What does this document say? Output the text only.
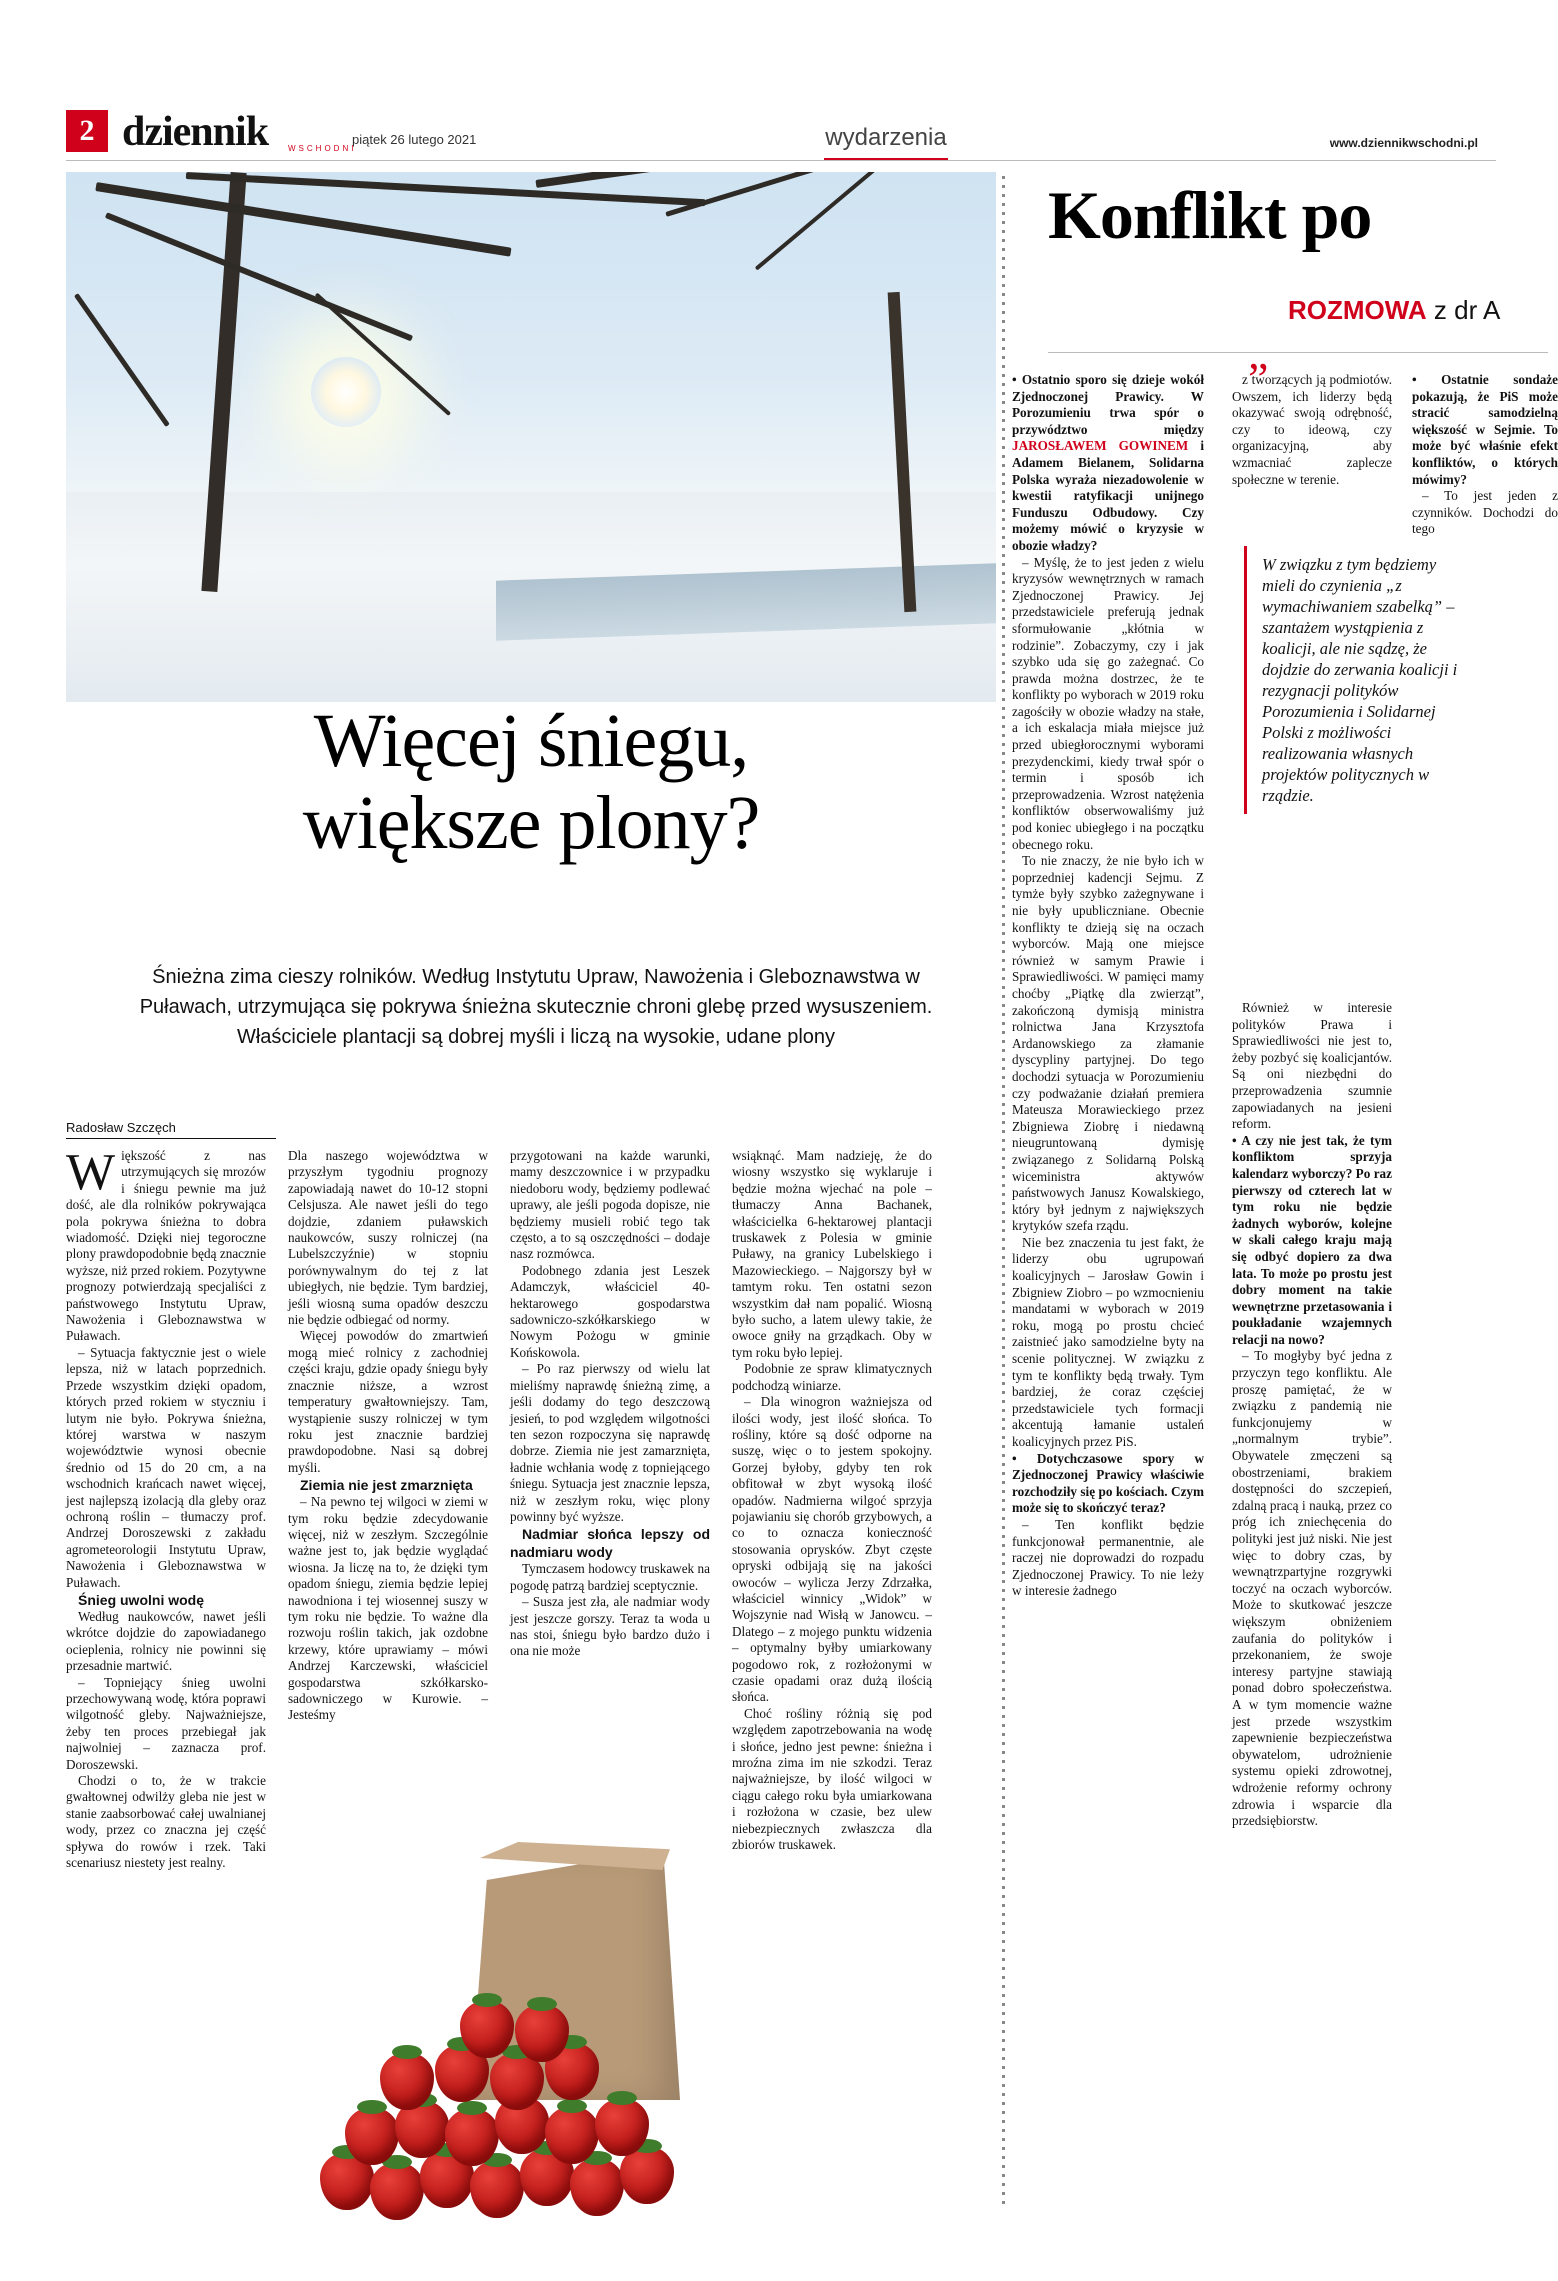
2 dziennik WSCHODNI
piątek 26 lutego 2021	wydarzenia	www.dziennikwschodni.pl
Więcej śniegu,
większe plony?
Śnieżna zima cieszy rolników. Według Instytutu Upraw, Nawożenia i Gleboznawstwa w Puławach, utrzymująca się pokrywa śnieżna skutecznie chroni glebę przed wysuszeniem. Właściciele plantacji są dobrej myśli i liczą na wysokie, udane plony
Radosław Szczęch

Większość z nas utrzymujących się mrozów i śniegu pewnie ma już dość, ale dla rolników pokrywająca pola pokrywa śnieżna to dobra wiadomość. Dzięki niej tegoroczne plony prawdopodobnie będą znacznie wyższe, niż przed rokiem. Pozytywne prognozy potwierdzają specjaliści z państwowego Instytutu Upraw, Nawożenia i Gleboznawstwa w Puławach.

– Sytuacja faktycznie jest o wiele lepsza, niż w latach poprzednich. Przede wszystkim dzięki opadom, których przed rokiem w styczniu i lutym nie było. Pokrywa śnieżna, której warstwa w naszym województwie wynosi obecnie średnio od 15 do 20 cm, a na wschodnich krańcach nawet więcej, jest najlepszą izolacją dla gleby oraz ochroną roślin – tłumaczy prof. Andrzej Doroszewski z zakładu agrometeorologii Instytutu Upraw, Nawożenia i Gleboznawstwa w Puławach.

Śnieg uwolni wodę

Według naukowców, nawet jeśli wkrótce dojdzie do zapowiadanego ocieplenia, rolnicy nie powinni się przesadnie martwić.

– Topniejący śnieg uwolni przechowywaną wodę, która poprawi wilgotność gleby. Najważniejsze, żeby ten proces przebiegał jak najwolniej – zaznacza prof. Doroszewski.

Chodzi o to, że w trakcie gwałtownej odwilży gleba nie jest w stanie zaabsorbować całej uwalnianej wody, przez co znaczna jej część spływa do rowów i rzek. Taki scenariusz niestety jest realny.

Dla naszego województwa w przyszłym tygodniu prognozy zapowiadają nawet do 10-12 stopni Celsjusza. Ale nawet jeśli do tego dojdzie, zdaniem puławskich naukowców, suszy rolniczej (na Lubelszczyźnie) w stopniu porównywalnym do tej z lat ubiegłych, nie będzie. Tym bardziej, jeśli wiosną suma opadów deszczu nie będzie odbiegać od normy.

Więcej powodów do zmartwień mogą mieć rolnicy z zachodniej części kraju, gdzie opady śniegu były znacznie niższe, a wzrost temperatury gwałtowniejszy. Tam, wystąpienie suszy rolniczej w tym roku jest znacznie bardziej prawdopodobne. Nasi są dobrej myśli.

Ziemia nie jest zmarznięta

– Na pewno tej wilgoci w ziemi w tym roku będzie zdecydowanie więcej, niż w zeszłym. Szczególnie ważne jest to, jak będzie wyglądać wiosna. Ja liczę na to, że dzięki tym opadom śniegu, ziemia będzie lepiej nawodniona i tej wiosennej suszy w tym roku nie będzie. To ważne dla rozwoju roślin takich, jak ozdobne krzewy, które uprawiamy – mówi Andrzej Karczewski, właściciel gospodarstwa szkółkarsko-sadowniczego w Kurowie. – Jesteśmy

przygotowani na każde warunki, mamy deszczownice i w przypadku niedoboru wody, będziemy podlewać uprawy, ale jeśli pogoda dopisze, nie będziemy musieli robić tego tak często, a to są oszczędności – dodaje nasz rozmówca.

Podobnego zdania jest Leszek Adamczyk, właściciel 40-hektarowego gospodarstwa sadowniczo-szkółkarskiego w Nowym Pożogu w gminie Końskowola.

– Po raz pierwszy od wielu lat mieliśmy naprawdę śnieżną zimę, a jeśli dodamy do tego deszczową jesień, to pod względem wilgotności ten sezon rozpoczyna się naprawdę dobrze. Ziemia nie jest zamarznięta, ładnie wchłania wodę z topniejącego śniegu. Sytuacja jest znacznie lepsza, niż w zeszłym roku, więc plony powinny być wyższe.

Nadmiar słońca lepszy od nadmiaru wody

Tymczasem hodowcy truskawek na pogodę patrzą bardziej sceptycznie.

– Susza jest zła, ale nadmiar wody jest jeszcze gorszy. Teraz ta woda u nas stoi, śniegu było bardzo dużo i ona nie może

wsiąknąć. Mam nadzieję, że do wiosny wszystko się wyklaruje i będzie można wjechać na pole – tłumaczy Anna Bachanek, właścicielka 6-hektarowej plantacji truskawek z Polesia w gminie Puławy, na granicy Lubelskiego i Mazowieckiego. – Najgorszy był w tamtym roku. Ten ostatni sezon wszystkim dał nam popalić. Wiosną było sucho, a latem ulewy takie, że owoce gniły na grządkach. Oby w tym roku było lepiej.

Podobnie ze spraw klimatycznych podchodzą winiarze.

– Dla winogron ważniejsza od ilości wody, jest ilość słońca. To rośliny, które są dość odporne na suszę, więc o to jestem spokojny. Gorzej byłoby, gdyby ten rok obfitował w zbyt wysoką ilość opadów. Nadmierna wilgoć sprzyja pojawianiu się chorób grzybowych, a co to oznacza konieczność stosowania oprysków. Zbyt częste opryski odbijają się na jakości owoców – wylicza Jerzy Zdrzałka, właściciel winnicy „Widok” w Wojszynie nad Wisłą w Janowcu. – Dlatego – z mojego punktu widzenia – optymalny byłby umiarkowany pogodowo rok, z rozłożonymi w czasie opadami oraz dużą ilością słońca.

Choć rośliny różnią się pod względem zapotrzebowania na wodę i słońce, jedno jest pewne: śnieżna i mroźna zima im nie szkodzi. Teraz najważniejsze, by ilość wilgoci w ciągu całego roku była umiarkowana i rozłożona w czasie, bez ulew niebezpiecznych zwłaszcza dla zbiorów truskawek.

Konflikt po
ROZMOWA z dr A

• Ostatnio sporo się dzieje wokół Zjednoczonej Prawicy. W Porozumieniu trwa spór o przywództwo między JAROSŁAWEM GOWINEM i Adamem Bielanem, Solidarna Polska wyraża niezadowolenie w kwestii ratyfikacji unijnego Funduszu Odbudowy. Czy możemy mówić o kryzysie w obozie władzy?

– Myślę, że to jest jeden z wielu kryzysów wewnętrznych w ramach Zjednoczonej Prawicy. Jej przedstawiciele preferują jednak sformułowanie „kłótnia w rodzinie”. Zobaczymy, czy i jak szybko uda się go zażegnać. Co prawda można dostrzec, że te konflikty po wyborach w 2019 roku zagościły w obozie władzy na stałe, a ich eskalacja miała miejsce już przed ubiegłorocznymi wyborami prezydenckimi, kiedy trwał spór o termin i sposób ich przeprowadzenia. Wzrost natężenia konfliktów obserwowaliśmy już pod koniec ubiegłego i na początku obecnego roku.

To nie znaczy, że nie było ich w poprzedniej kadencji Sejmu. Z tymże były szybko zażegnywane i nie były upubliczniane. Obecnie konflikty te dzieją się na oczach wyborców. Mają one miejsce również w samym Prawie i Sprawiedliwości. W pamięci mamy choćby „Piątkę dla zwierząt”, zakończoną dymisją ministra rolnictwa Jana Krzysztofa Ardanowskiego za złamanie dyscypliny partyjnej. Do tego dochodzi sytuacja w Porozumieniu czy podważanie działań premiera Mateusza Morawieckiego przez Zbigniewa Ziobrę i niedawną nieugruntowaną dymisję związanego z Solidarną Polską wiceministra aktywów państwowych Janusz Kowalskiego, który był jednym z największych krytyków szefa rządu.

Nie bez znaczenia tu jest fakt, że liderzy obu ugrupowań koalicyjnych – Jarosław Gowin i Zbigniew Ziobro – po wzmocnieniu mandatami w wyborach w 2019 roku, mogą po prostu chcieć zaistnieć jako samodzielne byty na scenie politycznej. W związku z tym te konflikty będą trwały. Tym bardziej, że coraz częściej przedstawiciele tych formacji akcentują łamanie ustaleń koalicyjnych przez PiS.

• Dotychczasowe spory w Zjednoczonej Prawicy właściwie rozchodziły się po kościach. Czym może się to skończyć teraz?

– Ten konflikt będzie funkcjonował permanentnie, ale raczej nie doprowadzi do rozpadu Zjednoczonej Prawicy. To nie leży w interesie żadnego

z tworzących ją podmiotów. Owszem, ich liderzy będą okazywać swoją odrębność, czy to ideową, czy organizacyjną, aby wzmacniać zaplecze społeczne w terenie.

”
W związku z tym będziemy mieli do czynienia „z wymachiwaniem szabelką” – szantażem wystąpienia z koalicji, ale nie sądzę, że dojdzie do zerwania koalicji i rezygnacji polityków Porozumienia i Solidarnej Polski z możliwości realizowania własnych projektów politycznych w rządzie.

Również w interesie polityków Prawa i Sprawiedliwości nie jest to, żeby pozbyć się koalicjantów. Są oni niezbędni do przeprowadzenia szumnie zapowiadanych na jesieni reform.

• A czy nie jest tak, że tym konfliktom sprzyja kalendarz wyborczy? Po raz pierwszy od czterech lat w tym roku nie będzie żadnych wyborów, kolejne w skali całego kraju mają się odbyć dopiero za dwa lata. To może po prostu jest dobry moment na takie wewnętrzne przetasowania i poukładanie wzajemnych relacji na nowo?

– To mogłyby być jedna z przyczyn tego konfliktu. Ale proszę pamiętać, że w związku z pandemią nie funkcjonujemy w „normalnym trybie”. Obywatele zmęczeni są obostrzeniami, brakiem dostępności do szczepień, zdalną pracą i nauką, przez co próg ich zniechęcenia do polityki jest już niski. Nie jest więc to dobry czas, by wewnątrzpartyjne rozgrywki toczyć na oczach wyborców. Może to skutkować jeszcze większym obniżeniem zaufania do polityków i przekonaniem, że swoje interesy partyjne stawiają ponad dobro społeczeństwa. A w tym momencie ważne jest przede wszystkim zapewnienie bezpieczeństwa obywatelom, udrożnienie systemu opieki zdrowotnej, wdrożenie reformy ochrony zdrowia i wsparcie dla przedsiębiorstw.

• Ostatnie sondaże pokazują, że PiS może stracić samodzielną większość w Sejmie. To może być właśnie efekt konfliktów, o których mówimy?

– To jest jeden z czynników. Dochodzi do tego
